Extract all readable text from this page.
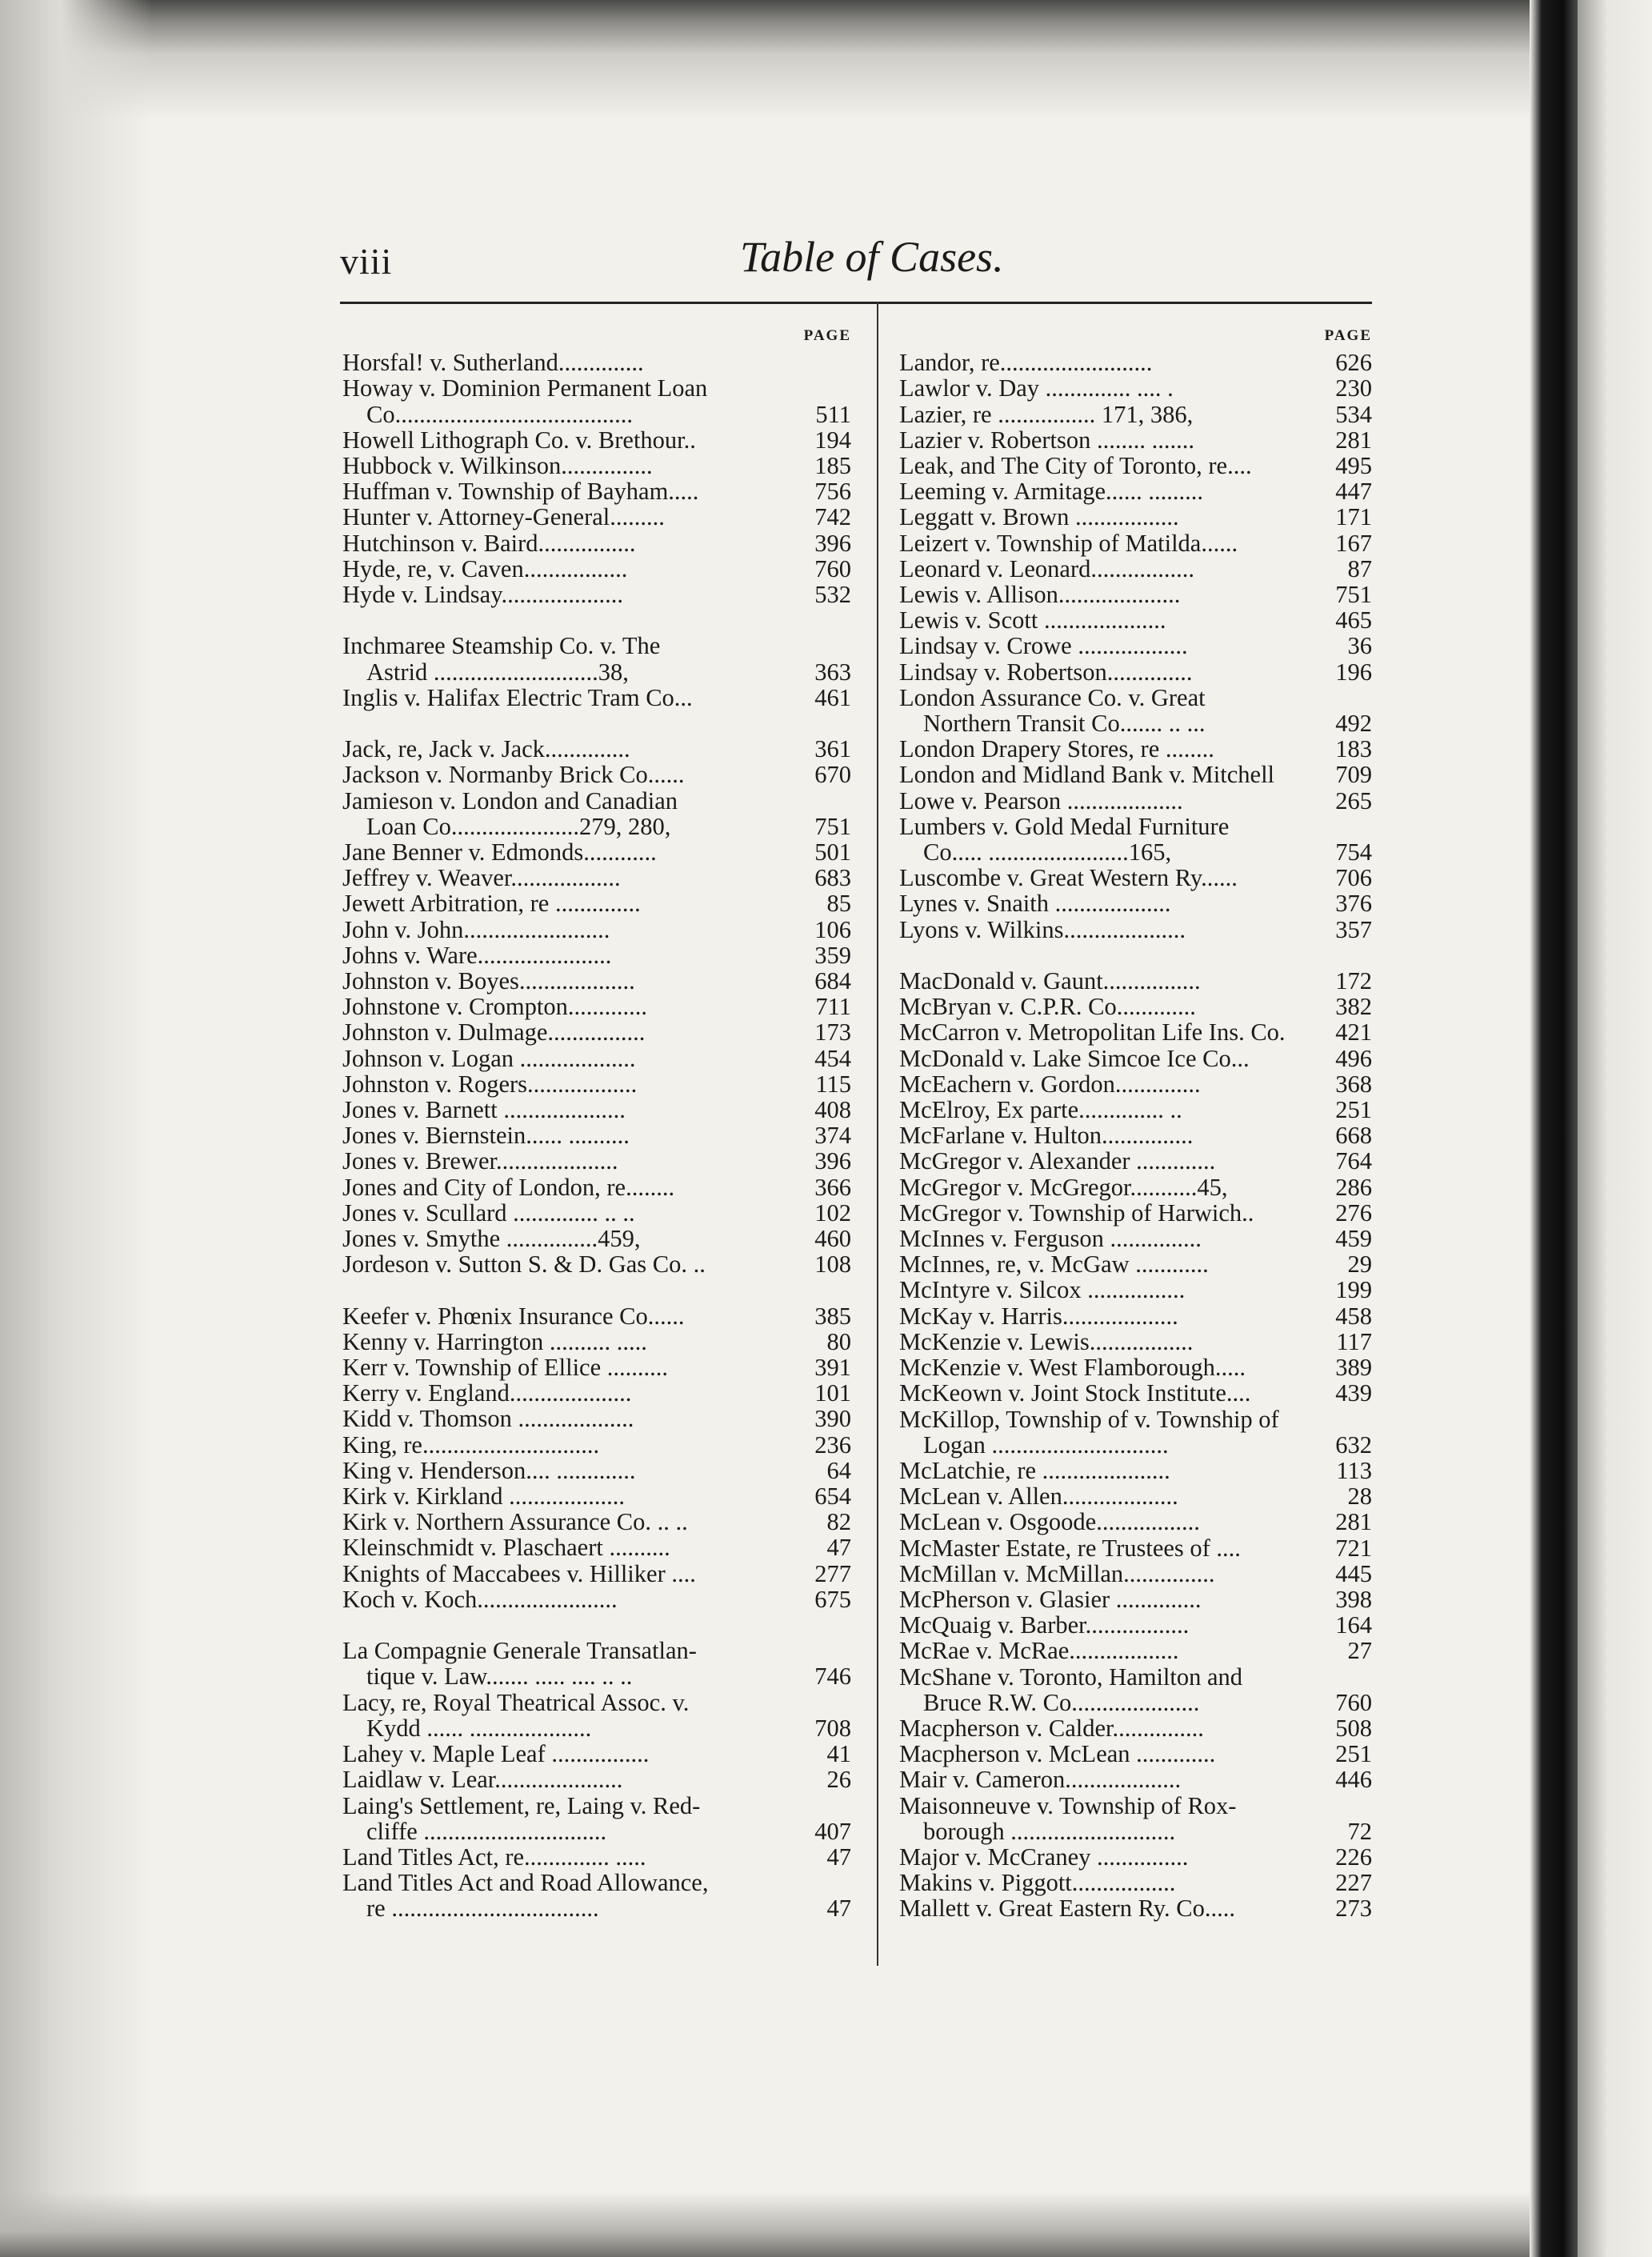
viii	Table of Cases.
PAGE
Horsfal! v. Sutherland..............
Howay v. Dominion Permanent Loan
Co.......................................	511
Howell Lithograph Co. v. Brethour..	194
Hubbock v. Wilkinson...............	185
Huffman v. Township of Bayham.....	756
Hunter v. Attorney-General.........	742
Hutchinson v. Baird................	396
Hyde, re, v. Caven.................	760
Hyde v. Lindsay....................	532
Inchmaree Steamship Co. v. The
Astrid ...........................38,	363
Inglis v. Halifax Electric Tram Co...	461
Jack, re, Jack v. Jack..............	361
Jackson v. Normanby Brick Co......	670
Jamieson v. London and Canadian
Loan Co.....................279, 280,	751
Jane Benner v. Edmonds............	501
Jeffrey v. Weaver..................	683
Jewett Arbitration, re ..............	85
John v. John........................	106
Johns v. Ware......................	359
Johnston v. Boyes...................	684
Johnstone v. Crompton.............	711
Johnston v. Dulmage................	173
Johnson v. Logan ...................	454
Johnston v. Rogers..................	115
Jones v. Barnett ....................	408
Jones v. Biernstein...... ..........	374
Jones v. Brewer....................	396
Jones and City of London, re........	366
Jones v. Scullard .............. .. ..	102
Jones v. Smythe ...............459,	460
Jordeson v. Sutton S. & D. Gas Co. ..	108
Keefer v. Phœnix Insurance Co......	385
Kenny v. Harrington .......... .....	80
Kerr v. Township of Ellice ..........	391
Kerry v. England....................	101
Kidd v. Thomson ...................	390
King, re.............................	236
King v. Henderson.... .............	64
Kirk v. Kirkland ...................	654
Kirk v. Northern Assurance Co. .. ..	82
Kleinschmidt v. Plaschaert ..........	47
Knights of Maccabees v. Hilliker ....	277
Koch v. Koch.......................	675
La Compagnie Generale Transatlan-
tique v. Law....... ..... .... .. ..	746
Lacy, re, Royal Theatrical Assoc. v.
Kydd ...... ....................	708
Lahey v. Maple Leaf ................	41
Laidlaw v. Lear.....................	26
Laing's Settlement, re, Laing v. Red-
cliffe ..............................	407
Land Titles Act, re.............. .....	47
Land Titles Act and Road Allowance,
re ..................................	47
PAGE
Landor, re.........................	626
Lawlor v. Day .............. .... .	230
Lazier, re ................ 171, 386,	534
Lazier v. Robertson ........ .......	281
Leak, and The City of Toronto, re....	495
Leeming v. Armitage...... .........	447
Leggatt v. Brown .................	171
Leizert v. Township of Matilda......	167
Leonard v. Leonard.................	87
Lewis v. Allison....................	751
Lewis v. Scott ....................	465
Lindsay v. Crowe ..................	36
Lindsay v. Robertson..............	196
London Assurance Co. v. Great
Northern Transit Co....... .. ...	492
London Drapery Stores, re ........	183
London and Midland Bank v. Mitchell	709
Lowe v. Pearson ...................	265
Lumbers v. Gold Medal Furniture
Co..... .......................165,	754
Luscombe v. Great Western Ry......	706
Lynes v. Snaith ...................	376
Lyons v. Wilkins....................	357
MacDonald v. Gaunt................	172
McBryan v. C.P.R. Co.............	382
McCarron v. Metropolitan Life Ins. Co.	421
McDonald v. Lake Simcoe Ice Co...	496
McEachern v. Gordon..............	368
McElroy, Ex parte.............. ..	251
McFarlane v. Hulton...............	668
McGregor v. Alexander .............	764
McGregor v. McGregor...........45,	286
McGregor v. Township of Harwich..	276
McInnes v. Ferguson ...............	459
McInnes, re, v. McGaw ............	29
McIntyre v. Silcox ................	199
McKay v. Harris...................	458
McKenzie v. Lewis.................	117
McKenzie v. West Flamborough.....	389
McKeown v. Joint Stock Institute....	439
McKillop, Township of v. Township of
Logan .............................	632
McLatchie, re .....................	113
McLean v. Allen...................	28
McLean v. Osgoode.................	281
McMaster Estate, re Trustees of ....	721
McMillan v. McMillan...............	445
McPherson v. Glasier ..............	398
McQuaig v. Barber.................	164
McRae v. McRae..................	27
McShane v. Toronto, Hamilton and
Bruce R.W. Co.....................	760
Macpherson v. Calder...............	508
Macpherson v. McLean .............	251
Mair v. Cameron...................	446
Maisonneuve v. Township of Rox-
borough ...........................	72
Major v. McCraney ...............	226
Makins v. Piggott.................	227
Mallett v. Great Eastern Ry. Co.....	273
